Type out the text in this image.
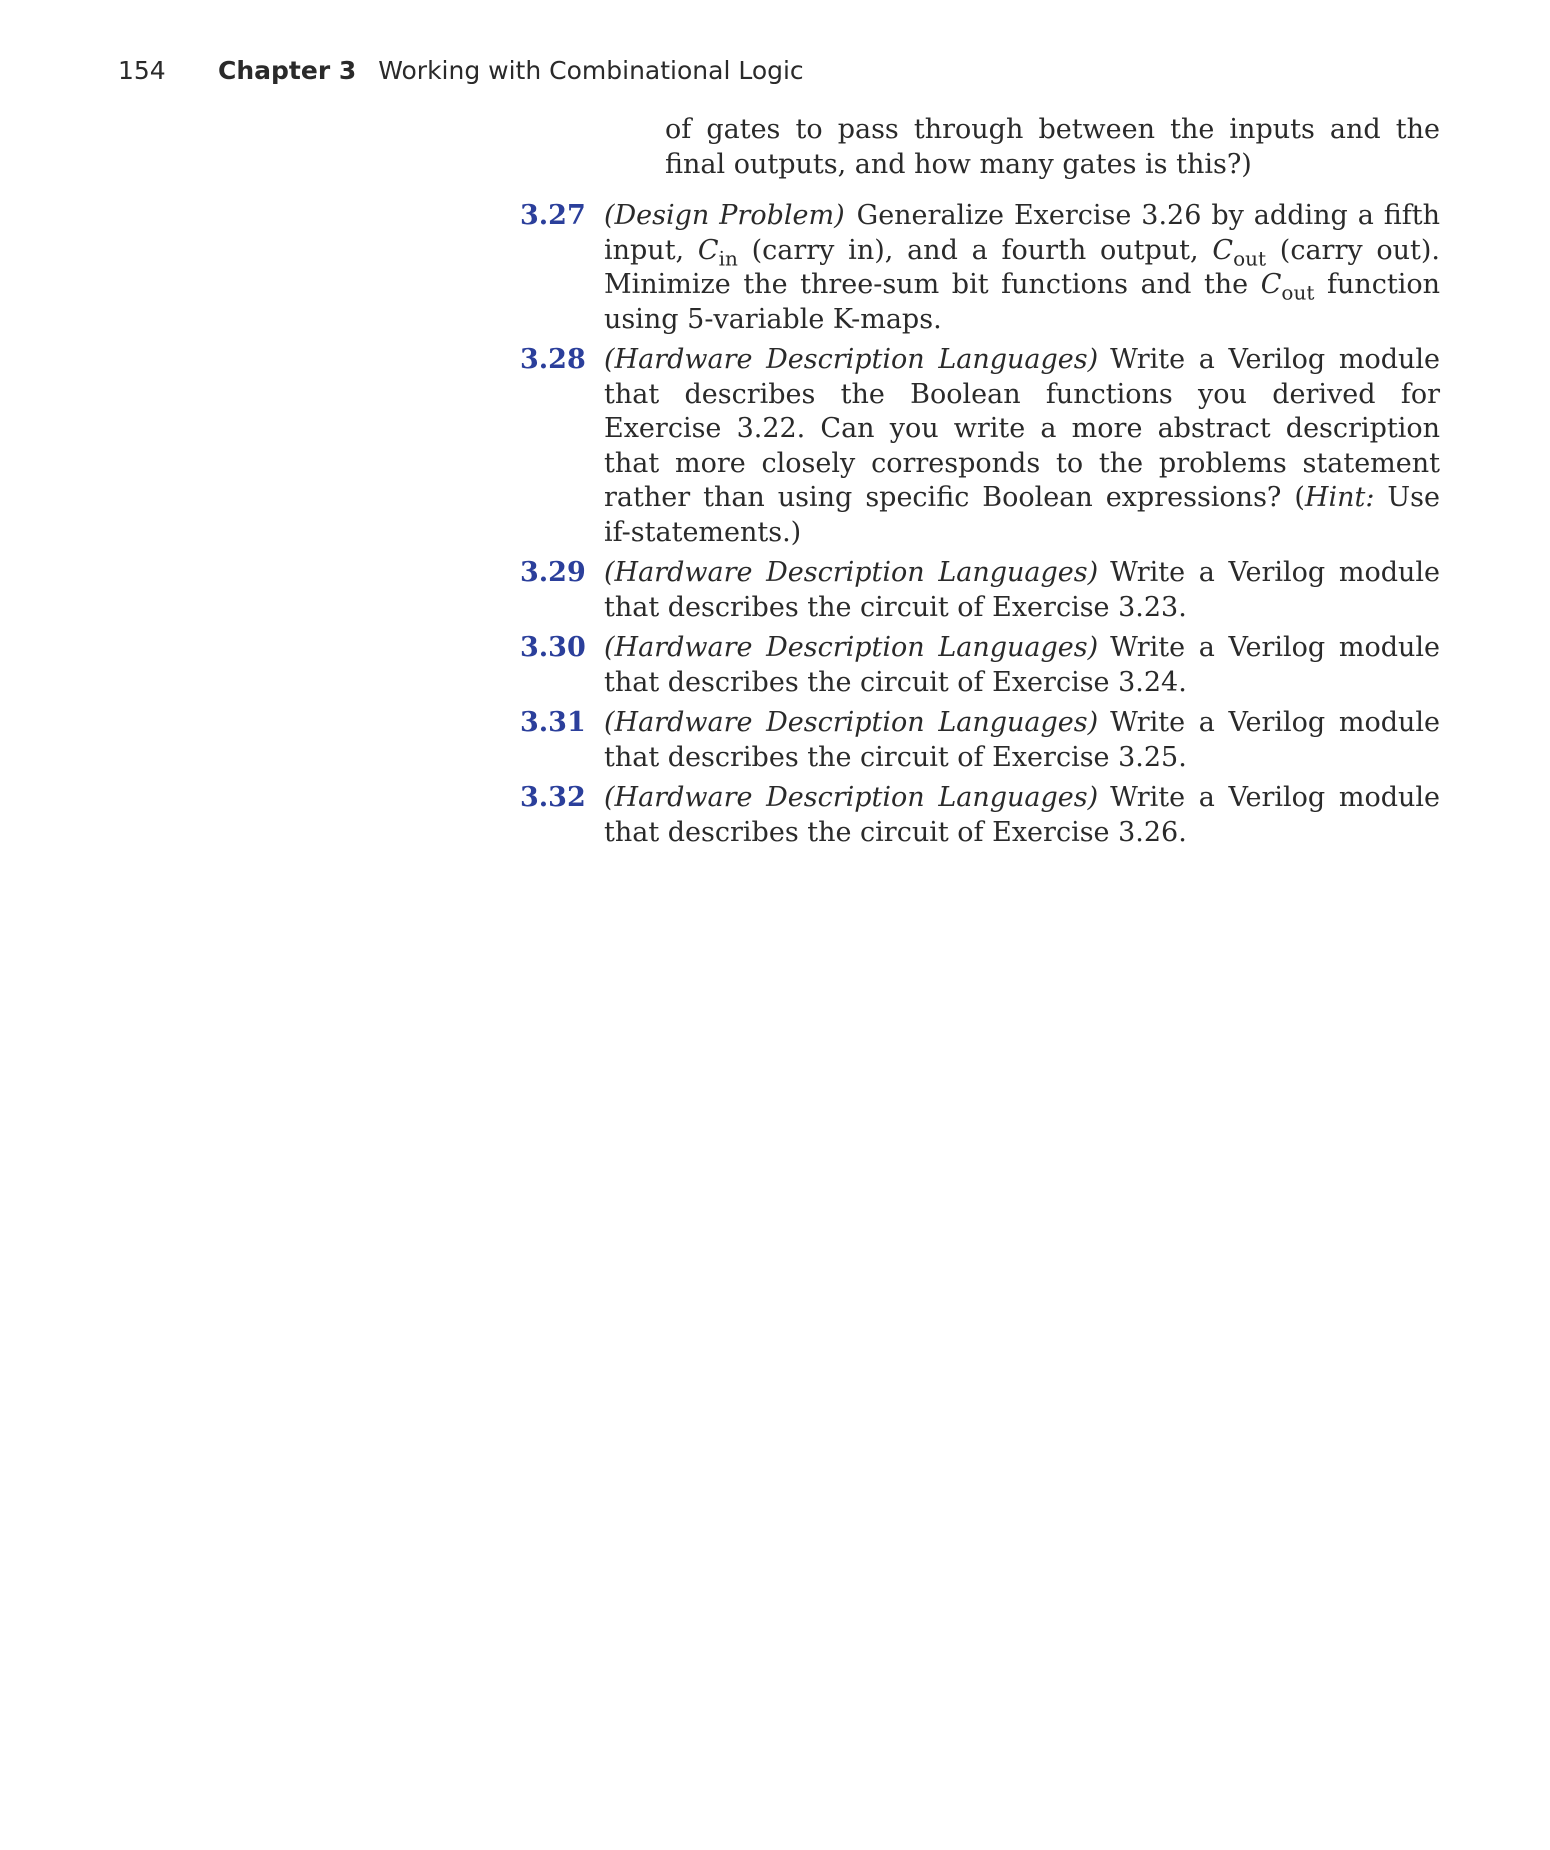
154 Chapter 3 Working with Combinational Logic
of gates to pass through between the inputs and the final outputs, and how many gates is this?)
3.27 (Design Problem) Generalize Exercise 3.26 by adding a fifth input, $C_{in}$ (carry in), and a fourth output, $C_{out}$ (carry out). Minimize the three-sum bit functions and the $C_{out}$ function using 5-variable K-maps.
3.28 (Hardware Description Languages) Write a Verilog module that describes the Boolean functions you derived for Exercise 3.22. Can you write a more abstract description that more closely corresponds to the problems statement rather than using specific Boolean expressions? (Hint: Use if-statements.)
3.29 (Hardware Description Languages) Write a Verilog module that describes the circuit of Exercise 3.23.
3.30 (Hardware Description Languages) Write a Verilog module that describes the circuit of Exercise 3.24.
3.31 (Hardware Description Languages) Write a Verilog module that describes the circuit of Exercise 3.25.
3.32 (Hardware Description Languages) Write a Verilog module that describes the circuit of Exercise 3.26.
